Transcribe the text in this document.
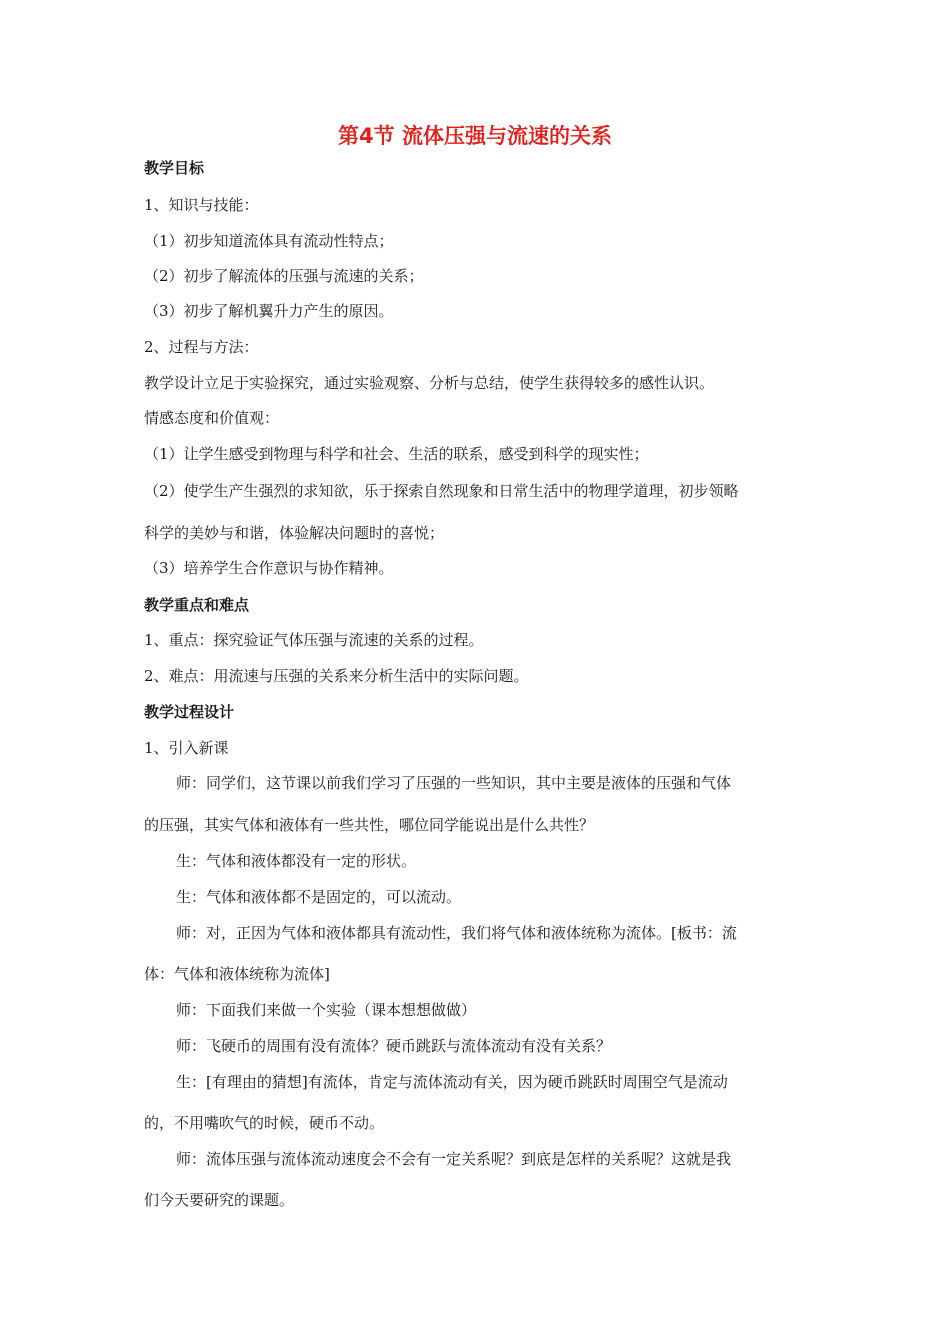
第4节 流体压强与流速的关系
教学目标
1、知识与技能：
（1）初步知道流体具有流动性特点；
（2）初步了解流体的压强与流速的关系；
（3）初步了解机翼升力产生的原因。
2、过程与方法：
教学设计立足于实验探究，通过实验观察、分析与总结，使学生获得较多的感性认识。
情感态度和价值观：
（1）让学生感受到物理与科学和社会、生活的联系，感受到科学的现实性；
（2）使学生产生强烈的求知欲，乐于探索自然现象和日常生活中的物理学道理，初步领略
科学的美妙与和谐，体验解决问题时的喜悦；
（3）培养学生合作意识与协作精神。
教学重点和难点
1、重点：探究验证气体压强与流速的关系的过程。
2、难点：用流速与压强的关系来分析生活中的实际问题。
教学过程设计
1、引入新课
师：同学们，这节课以前我们学习了压强的一些知识，其中主要是液体的压强和气体
的压强，其实气体和液体有一些共性，哪位同学能说出是什么共性？
生：气体和液体都没有一定的形状。
生：气体和液体都不是固定的，可以流动。
师：对，正因为气体和液体都具有流动性，我们将气体和液体统称为流体。[板书：流
体：气体和液体统称为流体]
师：下面我们来做一个实验（课本想想做做）
师：飞硬币的周围有没有流体？硬币跳跃与流体流动有没有关系？
生：[有理由的猜想]有流体，肯定与流体流动有关，因为硬币跳跃时周围空气是流动
的，不用嘴吹气的时候，硬币不动。
师：流体压强与流体流动速度会不会有一定关系呢？到底是怎样的关系呢？这就是我
们今天要研究的课题。
